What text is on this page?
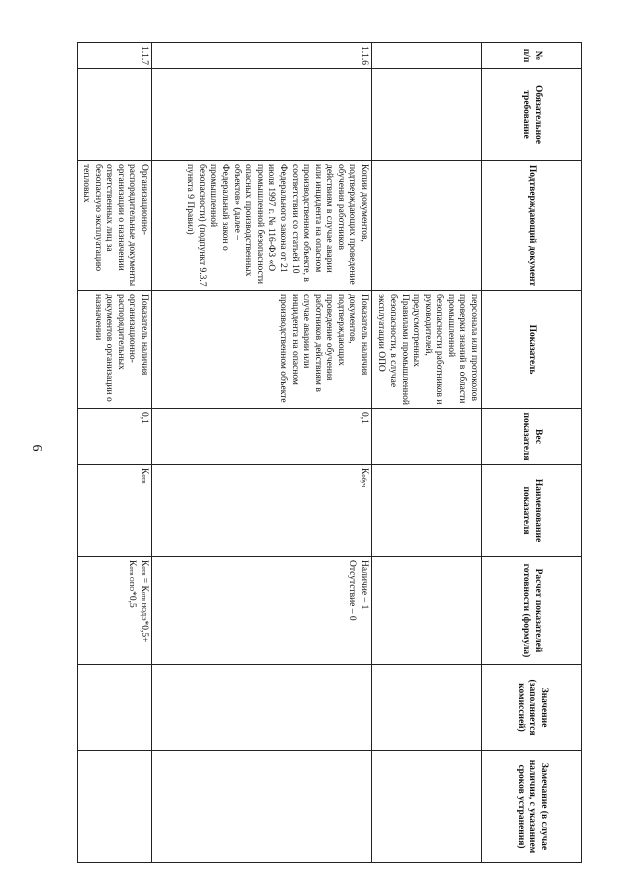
6
№ п/п	Обязательное требование	Подтверждающий документ	Показатель	Вес показателя	Наименование показателя	Расчет показателей готовности (формула)	Значение (заполняется комиссией)	Замечание (в случае наличия, с указанием сроков устранения)
			персонала или протоколов проверки знаний в области промышленной безопасности работников и руководителей, предусмотренных Правилами промышленной безопасности, в случае эксплуатации ОПО					
1.1.6		Копии документов, подтверждающих проведение обучения работников действиям в случае аварии или инцидента на опасном производственном объекте, в соответствии со статьей 10 Федерального закона от 21 июля 1997 г. № 116-ФЗ «О промышленной безопасности опасных производственных объектов» (далее – Федеральный закон о промышленной безопасности) (подпункт 9.3.7 пункта 9 Правил)	Показатель наличия документов, подтверждающих проведение обучения работников действиям в случае аварии или инцидента на опасном производственном объекте	0,1	Кобуч	Наличие – 1
Отсутствие – 0		
1.1.7		Организационно-распорядительные документы организации о назначении ответственных лиц за безопасную эксплуатацию тепловых	Показатель наличия организационно-распорядительных документов организации о назначении	0,1	Котв	Котв = Котв НОДЭ*0,5+
Котв ОПО*0,5		
